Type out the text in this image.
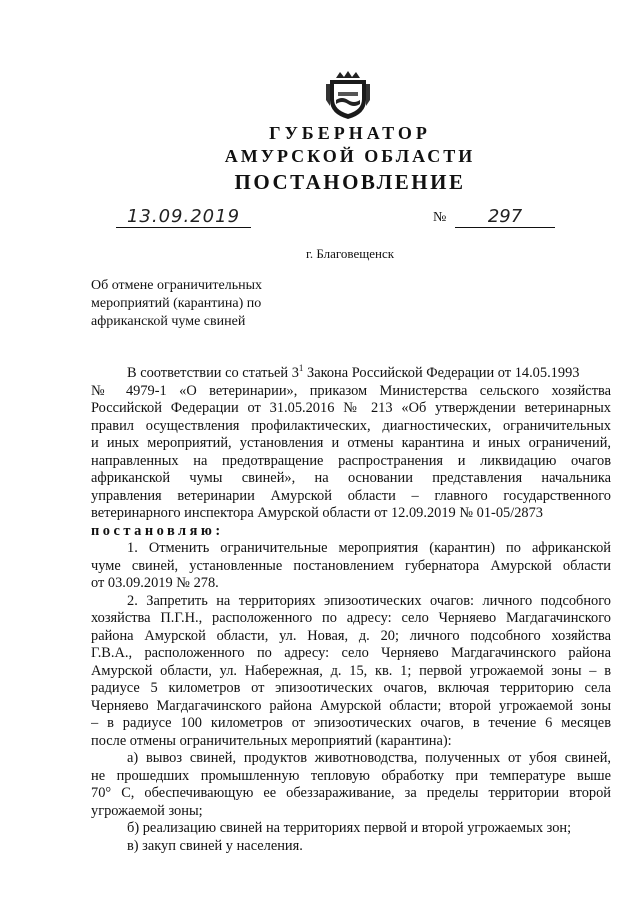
ГУБЕРНАТОР
АМУРСКОЙ ОБЛАСТИ
ПОСТАНОВЛЕНИЕ
13.09.2019	№	297
г. Благовещенск
Об отмене ограничительных
мероприятий (карантина) по
африканской чуме свиней
В соответствии со статьей $3^1$ Закона Российской Федерации от 14.05.1993
№ 4979-1 «О ветеринарии», приказом Министерства сельского хозяйства
Российской Федерации от 31.05.2016 № 213 «Об утверждении ветеринарных
правил осуществления профилактических, диагностических, ограничительных
и иных мероприятий, установления и отмены карантина и иных ограничений,
направленных на предотвращение распространения и ликвидацию очагов
африканской чумы свиней», на основании представления начальника
управления ветеринарии Амурской области – главного государственного
ветеринарного инспектора Амурской области от 12.09.2019 № 01-05/2873
постановляю:
1. Отменить ограничительные мероприятия (карантин) по африканской
чуме свиней, установленные постановлением губернатора Амурской области
от 03.09.2019 № 278.
2. Запретить на территориях эпизоотических очагов: личного подсобного
хозяйства П.Г.Н., расположенного по адресу: село Черняево Магдагачинского
района Амурской области, ул. Новая, д. 20; личного подсобного хозяйства
Г.В.А., расположенного по адресу: село Черняево Магдагачинского района
Амурской области, ул. Набережная, д. 15, кв. 1; первой угрожаемой зоны – в
радиусе 5 километров от эпизоотических очагов, включая территорию села
Черняево Магдагачинского района Амурской области; второй угрожаемой зоны
– в радиусе 100 километров от эпизоотических очагов, в течение 6 месяцев
после отмены ограничительных мероприятий (карантина):
а) вывоз свиней, продуктов животноводства, полученных от убоя свиней,
не прошедших промышленную тепловую обработку при температуре выше
70° С, обеспечивающую ее обеззараживание, за пределы территории второй
угрожаемой зоны;
б) реализацию свиней на территориях первой и второй угрожаемых зон;
в) закуп свиней у населения.
